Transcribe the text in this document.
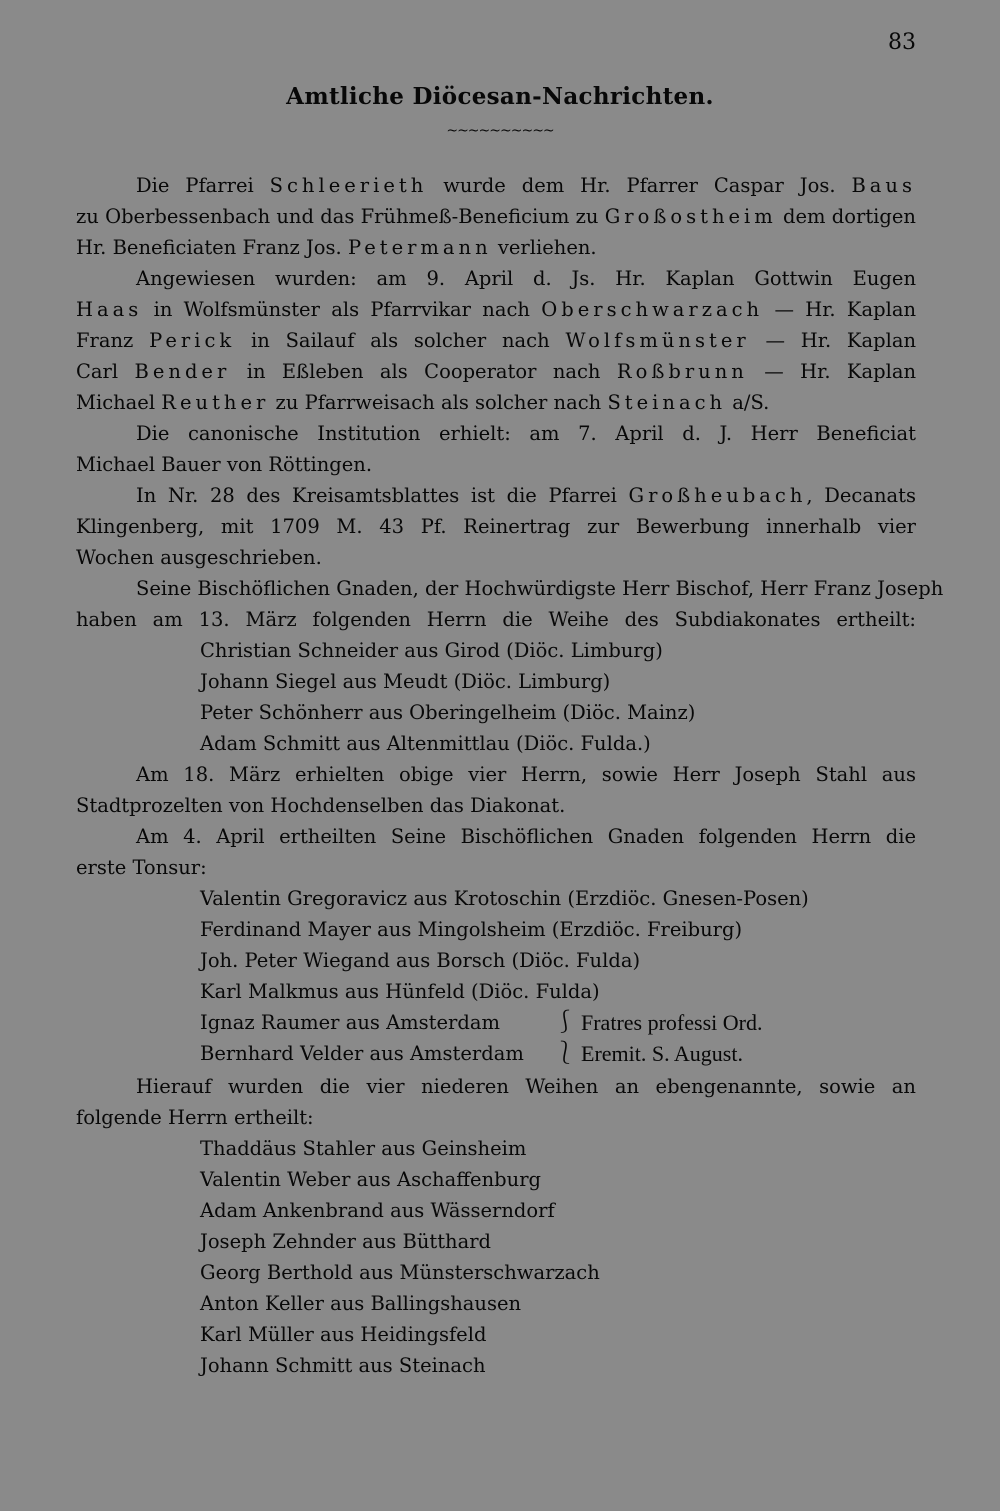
83
Amtliche Diöcesan-Nachrichten.
~~~~~~~~~~
Die Pfarrei Schleerieth wurde dem Hr. Pfarrer Caspar Jos. Baus
zu Oberbessenbach und das Frühmeß-Beneficium zu Großostheim dem dortigen
Hr. Beneficiaten Franz Jos. Petermann verliehen.
Angewiesen wurden: am 9. April d. Js. Hr. Kaplan Gottwin Eugen
Haas in Wolfsmünster als Pfarrvikar nach Oberschwarzach — Hr. Kaplan
Franz Perick in Sailauf als solcher nach Wolfsmünster — Hr. Kaplan
Carl Bender in Eßleben als Cooperator nach Roßbrunn — Hr. Kaplan
Michael Reuther zu Pfarrweisach als solcher nach Steinach a/S.
Die canonische Institution erhielt: am 7. April d. J. Herr Beneficiat
Michael Bauer von Röttingen.
In Nr. 28 des Kreisamtsblattes ist die Pfarrei Großheubach, Decanats
Klingenberg, mit 1709 M. 43 Pf. Reinertrag zur Bewerbung innerhalb vier
Wochen ausgeschrieben.
Seine Bischöflichen Gnaden, der Hochwürdigste Herr Bischof, Herr Franz Joseph
haben am 13. März folgenden Herrn die Weihe des Subdiakonates ertheilt:
Christian Schneider aus Girod (Diöc. Limburg)
Johann Siegel aus Meudt (Diöc. Limburg)
Peter Schönherr aus Oberingelheim (Diöc. Mainz)
Adam Schmitt aus Altenmittlau (Diöc. Fulda.)
Am 18. März erhielten obige vier Herrn, sowie Herr Joseph Stahl aus
Stadtprozelten von Hochdenselben das Diakonat.
Am 4. April ertheilten Seine Bischöflichen Gnaden folgenden Herrn die
erste Tonsur:
Valentin Gregoravicz aus Krotoschin (Erzdiöc. Gnesen-Posen)
Ferdinand Mayer aus Mingolsheim (Erzdiöc. Freiburg)
Joh. Peter Wiegand aus Borsch (Diöc. Fulda)
Karl Malkmus aus Hünfeld (Diöc. Fulda)
Ignaz Raumer aus Amsterdam ⎰ Fratres professi Ord.
Bernhard Velder aus Amsterdam ⎱ Eremit. S. August.
Hierauf wurden die vier niederen Weihen an ebengenannte, sowie an
folgende Herrn ertheilt:
Thaddäus Stahler aus Geinsheim
Valentin Weber aus Aschaffenburg
Adam Ankenbrand aus Wässerndorf
Joseph Zehnder aus Bütthard
Georg Berthold aus Münsterschwarzach
Anton Keller aus Ballingshausen
Karl Müller aus Heidingsfeld
Johann Schmitt aus Steinach
